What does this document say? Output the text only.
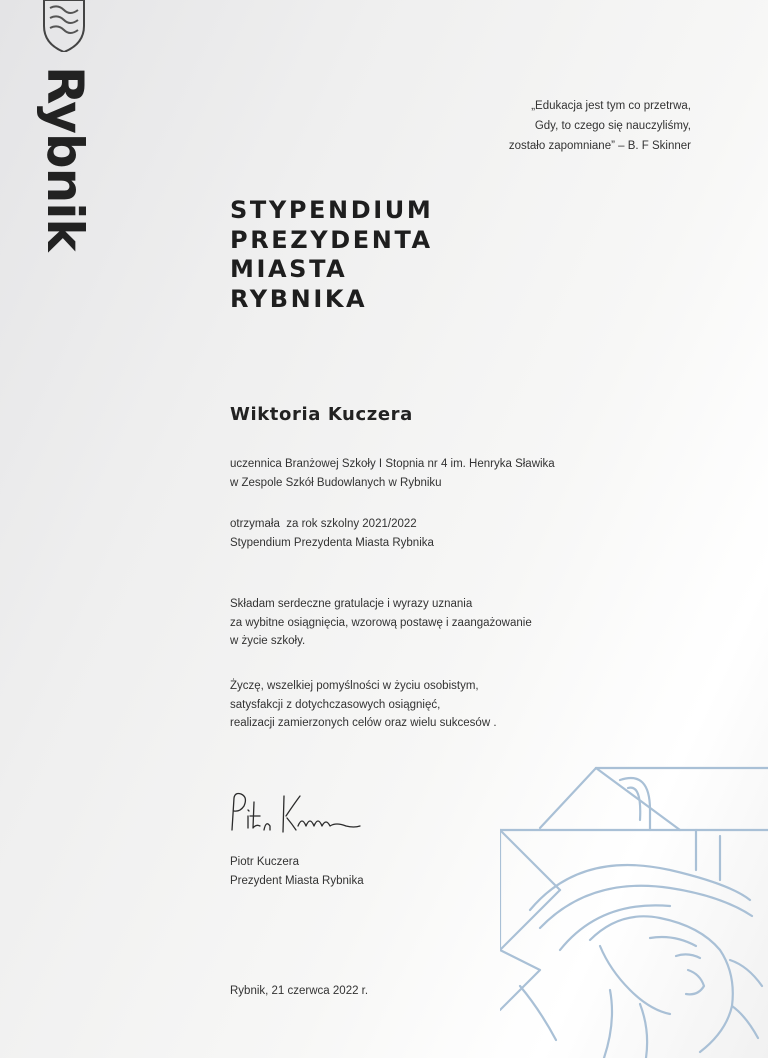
Rybnik	„Edukacja jest tym co przetrwa,
Gdy, to czego się nauczyliśmy,
zostało zapomniane” – B. F Skinner
STYPENDIUM
PREZYDENTA
MIASTA
RYBNIKA
Wiktoria Kuczera
uczennica Branżowej Szkoły I Stopnia nr 4 im. Henryka Sławika
w Zespole Szkół Budowlanych w Rybniku
otrzymała  za rok szkolny 2021/2022
Stypendium Prezydenta Miasta Rybnika
Składam serdeczne gratulacje i wyrazy uznania
za wybitne osiągnięcia, wzorową postawę i zaangażowanie
w życie szkoły.
Życzę, wszelkiej pomyślności w życiu osobistym,
satysfakcji z dotychczasowych osiągnięć,
realizacji zamierzonych celów oraz wielu sukcesów .
Piotr Kuczera
Prezydent Miasta Rybnika
Rybnik, 21 czerwca 2022 r.
